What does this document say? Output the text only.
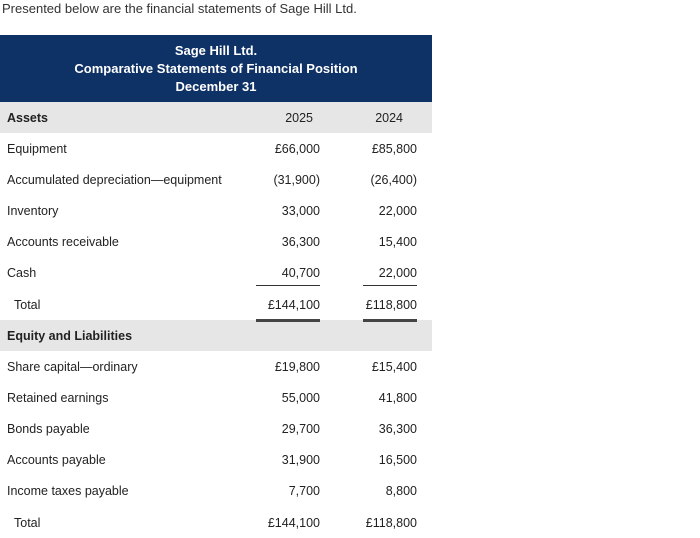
Presented below are the financial statements of Sage Hill Ltd.

Sage Hill Ltd.
Comparative Statements of Financial Position
December 31
Assets	2025	2024
Equipment	£66,000	£85,800
Accumulated depreciation—equipment	(31,900)	(26,400)
Inventory	33,000	22,000
Accounts receivable	36,300	15,400
Cash	40,700	22,000
Total	£144,100	£118,800
Equity and Liabilities
Share capital—ordinary	£19,800	£15,400
Retained earnings	55,000	41,800
Bonds payable	29,700	36,300
Accounts payable	31,900	16,500
Income taxes payable	7,700	8,800
Total	£144,100	£118,800
